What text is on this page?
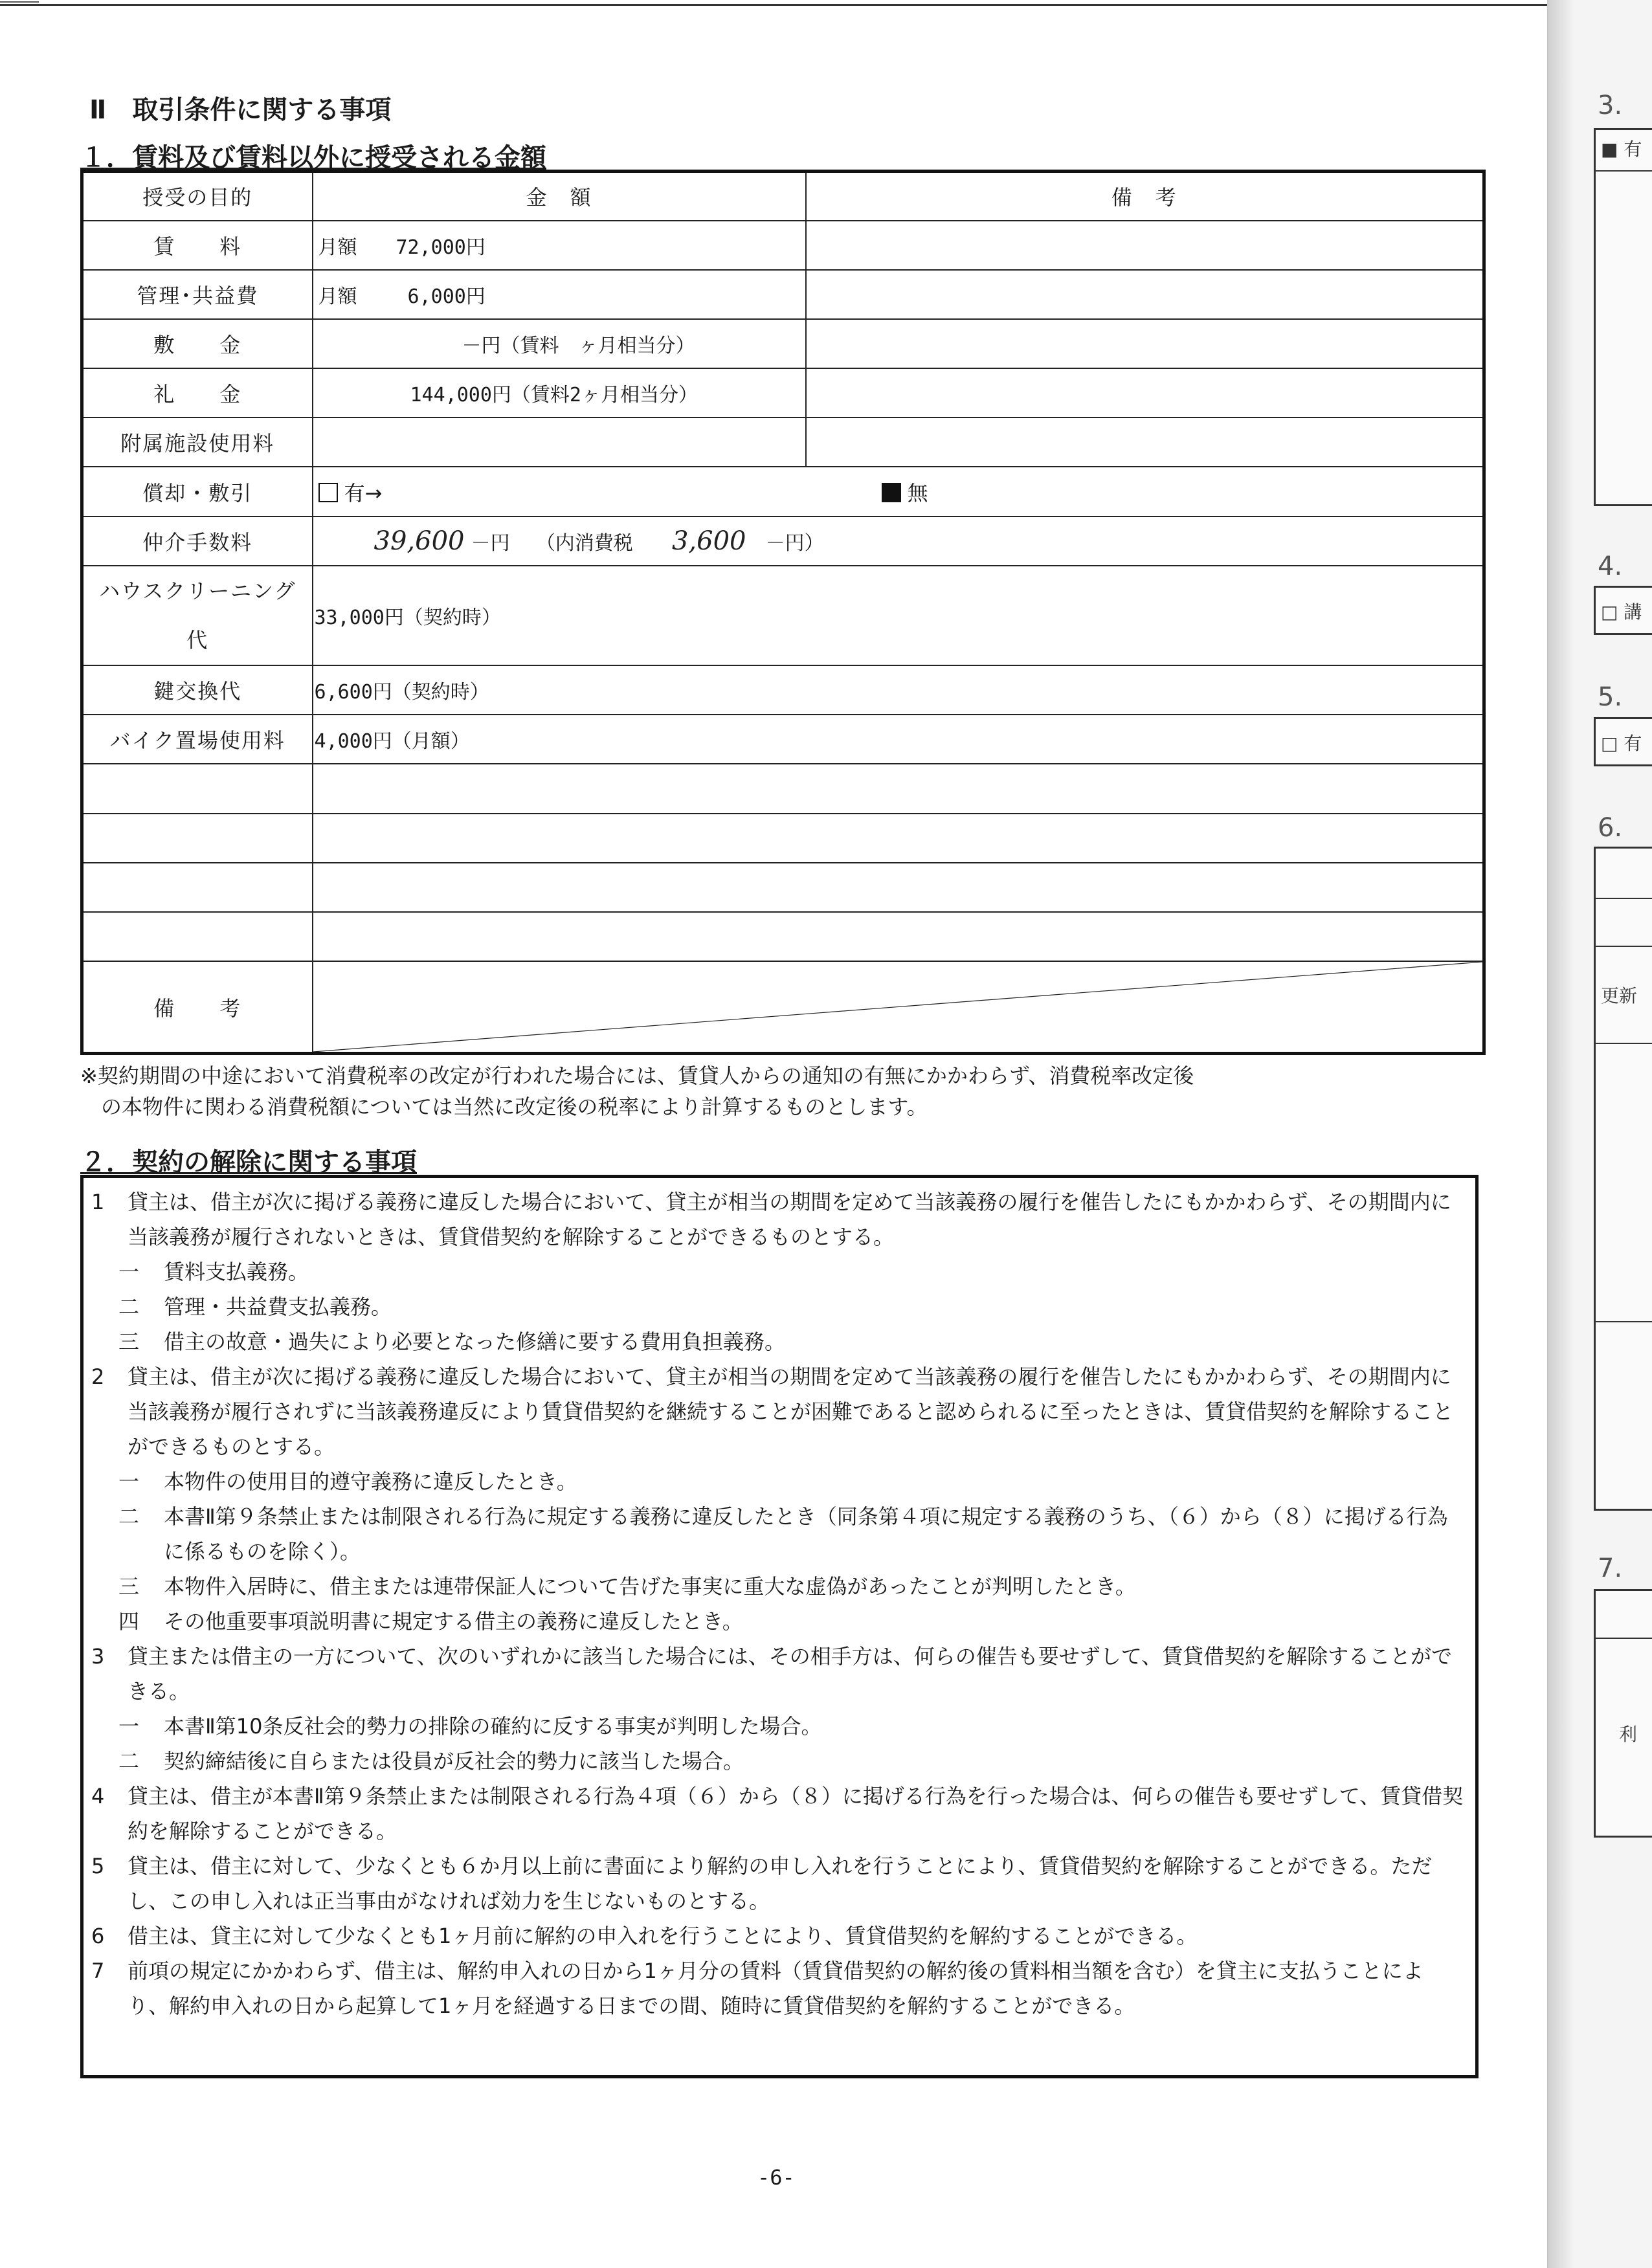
Ⅱ　取引条件に関する事項
１．賃料及び賃料以外に授受される金額
授受の目的	金　額	備　考
賃　　料	月額　　72,000円	
管理･共益費	月額　　 6,000円	
敷　　金	－円（賃料　ヶ月相当分）	
礼　　金	144,000円（賃料2ヶ月相当分）	
附属施設使用料		
償却・敷引	有→ 無	
仲介手数料	39,600 －円 （内消費税 3,600 －円）	
ハウスクリーニング
代	33,000円（契約時）	
鍵交換代	6,600円（契約時）	
バイク置場使用料	4,000円（月額）	

備　　考	
※契約期間の中途において消費税率の改定が行われた場合には、賃貸人からの通知の有無にかかわらず、消費税率改定後
の本物件に関わる消費税額については当然に改定後の税率により計算するものとします。
２．契約の解除に関する事項
1	貸主は、借主が次に掲げる義務に違反した場合において、貸主が相当の期間を定めて当該義務の履行を催告したにもかかわらず、その期間内に当該義務が履行されないときは、賃貸借契約を解除することができるものとする。
一	賃料支払義務。
二	管理・共益費支払義務。
三	借主の故意・過失により必要となった修繕に要する費用負担義務。
2	貸主は、借主が次に掲げる義務に違反した場合において、貸主が相当の期間を定めて当該義務の履行を催告したにもかかわらず、その期間内に当該義務が履行されずに当該義務違反により賃貸借契約を継続することが困難であると認められるに至ったときは、賃貸借契約を解除することができるものとする。
一	本物件の使用目的遵守義務に違反したとき。
二	本書Ⅱ第９条禁止または制限される行為に規定する義務に違反したとき（同条第４項に規定する義務のうち、（６）から（８）に掲げる行為に係るものを除く）。
三	本物件入居時に、借主または連帯保証人について告げた事実に重大な虚偽があったことが判明したとき。
四	その他重要事項説明書に規定する借主の義務に違反したとき。
3	貸主または借主の一方について、次のいずれかに該当した場合には、その相手方は、何らの催告も要せずして、賃貸借契約を解除することができる。
一	本書Ⅱ第10条反社会的勢力の排除の確約に反する事実が判明した場合。
二	契約締結後に自らまたは役員が反社会的勢力に該当した場合。
4	貸主は、借主が本書Ⅱ第９条禁止または制限される行為４項（６）から（８）に掲げる行為を行った場合は、何らの催告も要せずして、賃貸借契約を解除することができる。
5	貸主は、借主に対して、少なくとも６か月以上前に書面により解約の申し入れを行うことにより、賃貸借契約を解除することができる。ただし、この申し入れは正当事由がなければ効力を生じないものとする。
6	借主は、貸主に対して少なくとも1ヶ月前に解約の申入れを行うことにより、賃貸借契約を解約することができる。
7	前項の規定にかかわらず、借主は、解約申入れの日から1ヶ月分の賃料（賃貸借契約の解約後の賃料相当額を含む）を貸主に支払うことにより、解約申入れの日から起算して1ヶ月を経過する日までの間、随時に賃貸借契約を解約することができる。
-6-
3.
■ 有
4.
□ 講
5.
□ 有
6.
更新
7.
利
